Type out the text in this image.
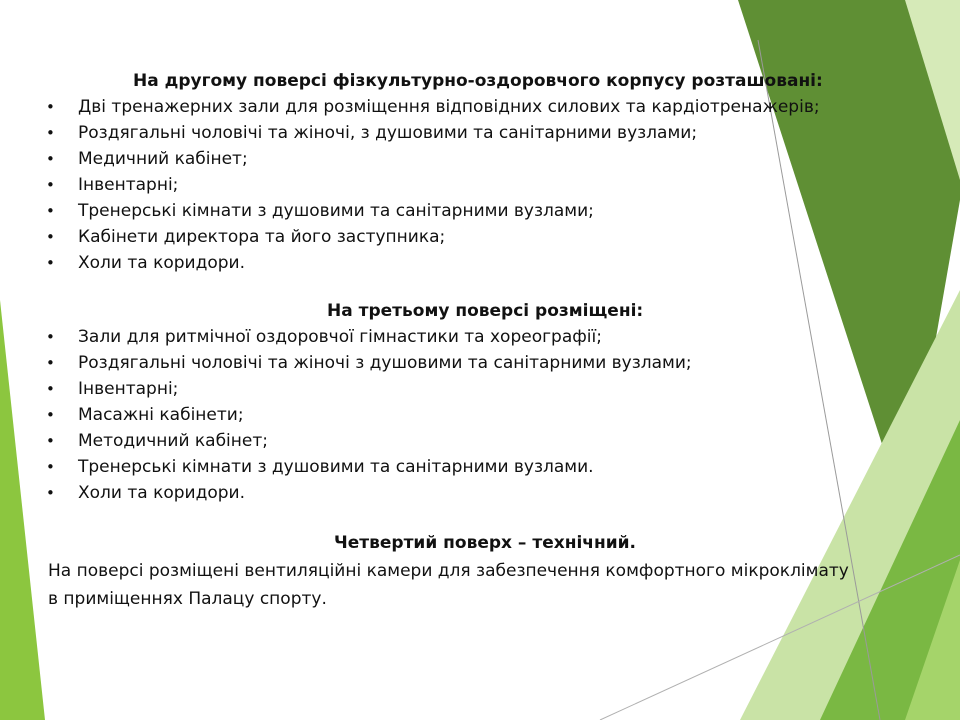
На другому поверсі фізкультурно-оздоровчого корпусу розташовані:
•	Дві тренажерних зали для розміщення відповідних силових та кардіотренажерів;
•	Роздягальні чоловічі та жіночі, з душовими та санітарними вузлами;
•	Медичний кабінет;
•	Інвентарні;
•	Тренерські кімнати з душовими та санітарними вузлами;
•	Кабінети директора та його заступника;
•	Холи та коридори.
На третьому поверсі розміщені:
•	Зали для ритмічної оздоровчої гімнастики та хореографії;
•	Роздягальні чоловічі та жіночі з душовими та санітарними вузлами;
•	Інвентарні;
•	Масажні кабінети;
•	Методичний кабінет;
•	Тренерські кімнати з душовими та санітарними вузлами.
•	Холи та коридори.
Четвертий поверх – технічний.
На поверсі розміщені вентиляційні камери для забезпечення комфортного мікроклімату
в приміщеннях Палацу спорту.
